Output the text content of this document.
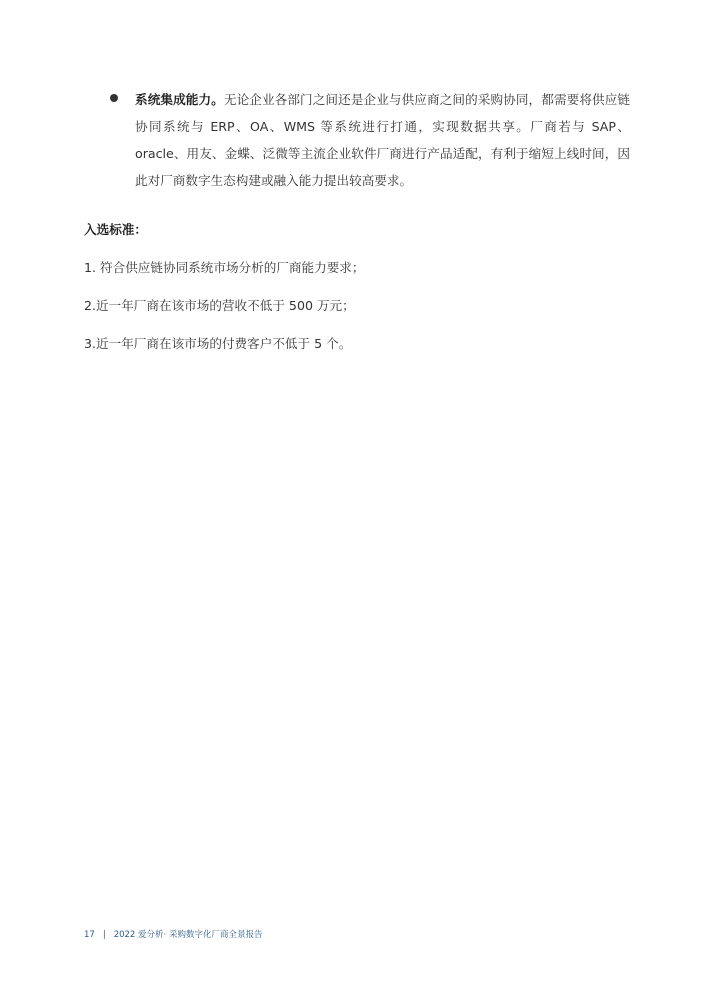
系统集成能力。无论企业各部门之间还是企业与供应商之间的采购协同，都需要将供应链协同系统与 ERP、OA、WMS 等系统进行打通，实现数据共享。厂商若与 SAP、oracle、用友、金蝶、泛微等主流企业软件厂商进行产品适配，有利于缩短上线时间，因此对厂商数字生态构建或融入能力提出较高要求。
入选标准：
1. 符合供应链协同系统市场分析的厂商能力要求；
2.近一年厂商在该市场的营收不低于 500 万元；
3.近一年厂商在该市场的付费客户不低于 5 个。
17 | 2022 爱分析· 采购数字化厂商全景报告
